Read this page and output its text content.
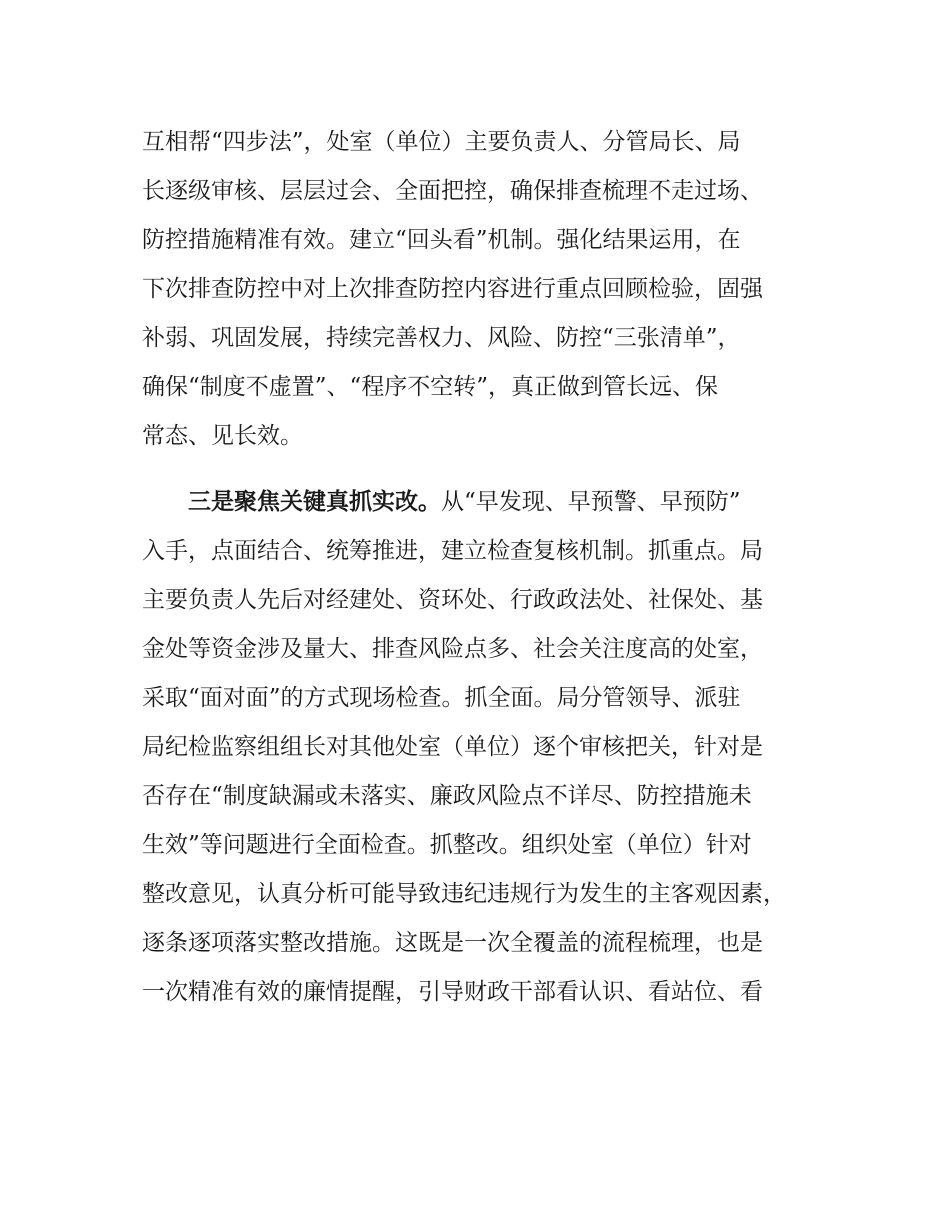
互相帮“四步法”，处室（单位）主要负责人、分管局长、局
长逐级审核、层层过会、全面把控，确保排查梳理不走过场、
防控措施精准有效。建立“回头看”机制。强化结果运用，在
下次排查防控中对上次排查防控内容进行重点回顾检验，固强
补弱、巩固发展，持续完善权力、风险、防控“三张清单”，
确保“制度不虚置”、“程序不空转”，真正做到管长远、保
常态、见长效。
三是聚焦关键真抓实改。从“早发现、早预警、早预防”
入手，点面结合、统筹推进，建立检查复核机制。抓重点。局
主要负责人先后对经建处、资环处、行政政法处、社保处、基
金处等资金涉及量大、排查风险点多、社会关注度高的处室，
采取“面对面”的方式现场检查。抓全面。局分管领导、派驻
局纪检监察组组长对其他处室（单位）逐个审核把关，针对是
否存在“制度缺漏或未落实、廉政风险点不详尽、防控措施未
生效”等问题进行全面检查。抓整改。组织处室（单位）针对
整改意见，认真分析可能导致违纪违规行为发生的主客观因素，
逐条逐项落实整改措施。这既是一次全覆盖的流程梳理，也是
一次精准有效的廉情提醒，引导财政干部看认识、看站位、看
